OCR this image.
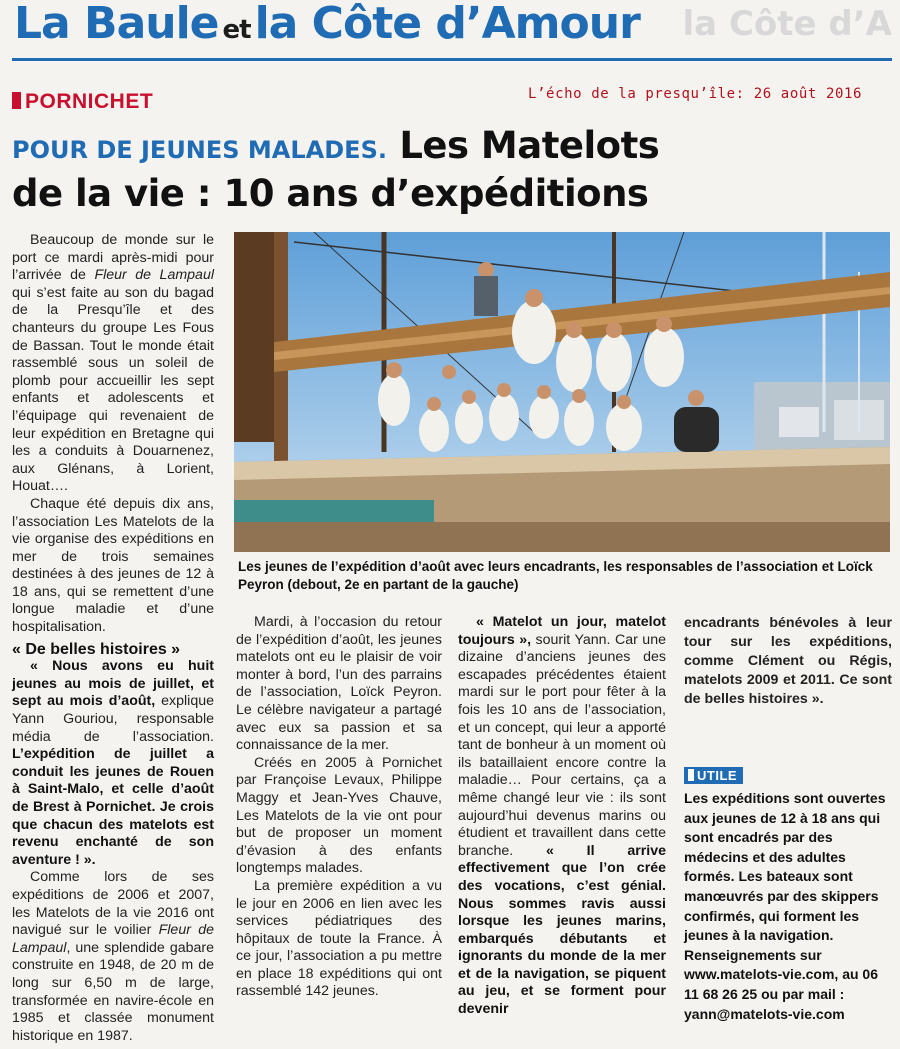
La Baule etla Côte d’Amour la Côte d’A
PORNICHET	L’écho de la presqu’île: 26 août 2016
POUR DE JEUNES MALADES. Les Matelots
de la vie : 10 ans d’expéditions

Beaucoup de monde sur le port ce mardi après-midi pour l’arrivée de Fleur de Lampaul qui s’est faite au son du bagad de la Presqu’île et des chanteurs du groupe Les Fous de Bassan. Tout le monde était rassemblé sous un soleil de plomb pour accueillir les sept enfants et adolescents et l’équipage qui revenaient de leur expédition en Bretagne qui les a conduits à Douarnenez, aux Glénans, à Lorient, Houat….

Chaque été depuis dix ans, l’association Les Matelots de la vie organise des expéditions en mer de trois semaines destinées à des jeunes de 12 à 18 ans, qui se remettent d’une longue maladie et d’une hospitalisation.

« De belles histoires »

« Nous avons eu huit jeunes au mois de juillet, et sept au mois d’août, explique Yann Gouriou, responsable média de l’association. L’expédition de juillet a conduit les jeunes de Rouen à Saint-Malo, et celle d’août de Brest à Pornichet. Je crois que chacun des matelots est revenu enchanté de son aventure ! ».

Comme lors de ses expéditions de 2006 et 2007, les Matelots de la vie 2016 ont navigué sur le voilier Fleur de Lampaul, une splendide gabare construite en 1948, de 20 m de long sur 6,50 m de large, transformée en navire-école en 1985 et classée monument historique en 1987.

Les jeunes de l’expédition d’août avec leurs encadrants, les responsables de l’association et Loïck Peyron (debout, 2e en partant de la gauche)

Mardi, à l’occasion du retour de l’expédition d’août, les jeunes matelots ont eu le plaisir de voir monter à bord, l’un des parrains de l’association, Loïck Peyron. Le célèbre navigateur a partagé avec eux sa passion et sa connaissance de la mer.

Créés en 2005 à Pornichet par Françoise Levaux, Philippe Maggy et Jean-Yves Chauve, Les Matelots de la vie ont pour but de proposer un moment d’évasion à des enfants longtemps malades.

La première expédition a vu le jour en 2006 en lien avec les services pédiatriques des hôpitaux de toute la France. À ce jour, l’association a pu mettre en place 18 expéditions qui ont rassemblé 142 jeunes.

« Matelot un jour, matelot toujours », sourit Yann. Car une dizaine d’anciens jeunes des escapades précédentes étaient mardi sur le port pour fêter à la fois les 10 ans de l’association, et un concept, qui leur a apporté tant de bonheur à un moment où ils bataillaient encore contre la maladie… Pour certains, ça a même changé leur vie : ils sont aujourd’hui devenus marins ou étudient et travaillent dans cette branche. « Il arrive effectivement que l’on crée des vocations, c’est génial. Nous sommes ravis aussi lorsque les jeunes marins, embarqués débutants et ignorants du monde de la mer et de la navigation, se piquent au jeu, et se forment pour devenir

encadrants bénévoles à leur tour sur les expéditions, comme Clément ou Régis, matelots 2009 et 2011. Ce sont de belles histoires ».

UTILE
Les expéditions sont ouvertes aux jeunes de 12 à 18 ans qui sont encadrés par des médecins et des adultes formés. Les bateaux sont manœuvrés par des skippers confirmés, qui forment les jeunes à la navigation. Renseignements sur www.matelots-vie.com, au 06 11 68 26 25 ou par mail : yann@matelots-vie.com
